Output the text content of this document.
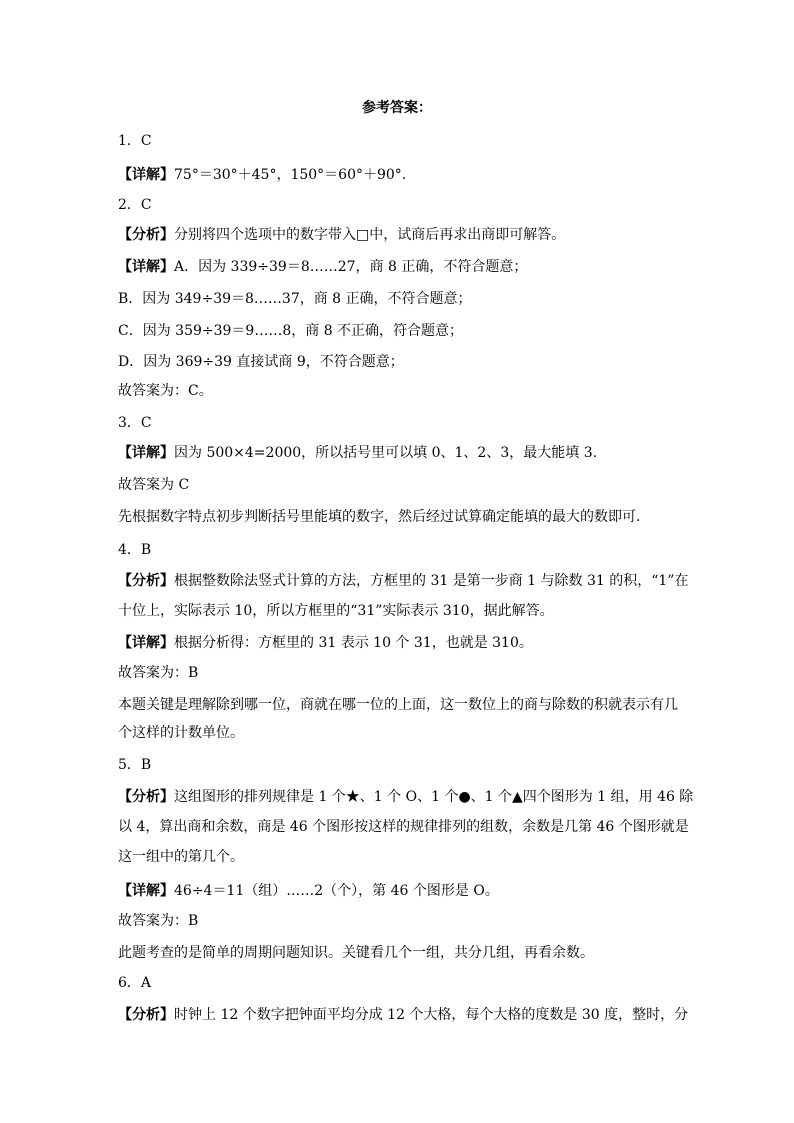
参考答案：
1．C
【详解】75°＝30°＋45°，150°＝60°＋90°.
2．C
【分析】分别将四个选项中的数字带入□中，试商后再求出商即可解答。
【详解】A．因为 339÷39＝8……27，商 8 正确，不符合题意；
B．因为 349÷39＝8……37，商 8 正确，不符合题意；
C．因为 359÷39＝9……8，商 8 不正确，符合题意；
D．因为 369÷39 直接试商 9，不符合题意；
故答案为：C。
3．C
【详解】因为 500×4=2000，所以括号里可以填 0、1、2、3，最大能填 3.
故答案为 C
先根据数字特点初步判断括号里能填的数字，然后经过试算确定能填的最大的数即可.
4．B
【分析】根据整数除法竖式计算的方法，方框里的 31 是第一步商 1 与除数 31 的积，“1”在
十位上，实际表示 10，所以方框里的“31”实际表示 310，据此解答。
【详解】根据分析得：方框里的 31 表示 10 个 31，也就是 310。
故答案为：B
本题关键是理解除到哪一位，商就在哪一位的上面，这一数位上的商与除数的积就表示有几
个这样的计数单位。
5．B
【分析】这组图形的排列规律是 1 个★、1 个 O、1 个●、1 个▲四个图形为 1 组，用 46 除
以 4，算出商和余数，商是 46 个图形按这样的规律排列的组数，余数是几第 46 个图形就是
这一组中的第几个。
【详解】46÷4＝11（组）……2（个），第 46 个图形是 O。
故答案为：B
此题考查的是简单的周期问题知识。关键看几个一组，共分几组，再看余数。
6．A
【分析】时钟上 12 个数字把钟面平均分成 12 个大格，每个大格的度数是 30 度，整时，分
